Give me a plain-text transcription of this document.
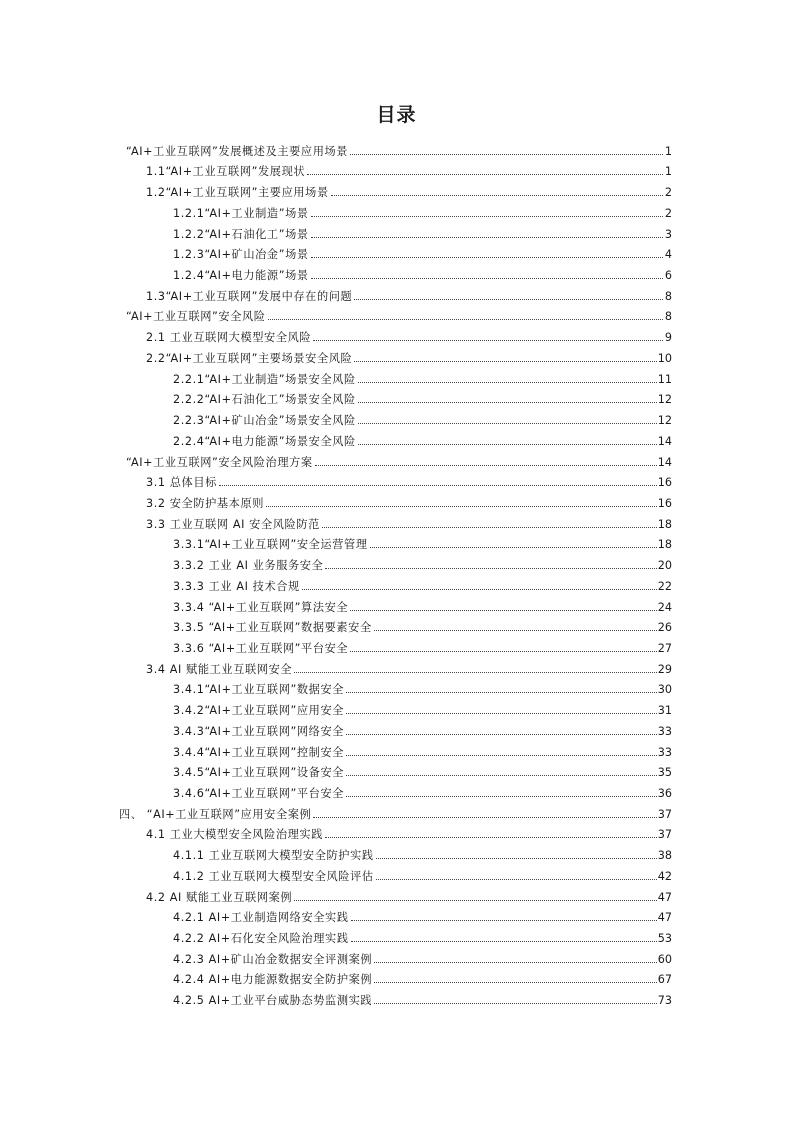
目录
“AI+工业互联网”发展概述及主要应用场景	1
1.1“AI+工业互联网”发展现状	1
1.2“AI+工业互联网”主要应用场景	2
1.2.1“AI+工业制造”场景	2
1.2.2“AI+石油化工”场景	3
1.2.3“AI+矿山冶金”场景	4
1.2.4“AI+电力能源”场景	6
1.3“AI+工业互联网”发展中存在的问题	8
“AI+工业互联网”安全风险	8
2.1 工业互联网大模型安全风险	9
2.2“AI+工业互联网”主要场景安全风险	10
2.2.1“AI+工业制造”场景安全风险	11
2.2.2“AI+石油化工”场景安全风险	12
2.2.3“AI+矿山冶金”场景安全风险	12
2.2.4“AI+电力能源”场景安全风险	14
“AI+工业互联网”安全风险治理方案	14
3.1 总体目标	16
3.2 安全防护基本原则	16
3.3 工业互联网 AI 安全风险防范	18
3.3.1“AI+工业互联网”安全运营管理	18
3.3.2 工业 AI 业务服务安全	20
3.3.3 工业 AI 技术合规	22
3.3.4 “AI+工业互联网”算法安全	24
3.3.5 “AI+工业互联网”数据要素安全	26
3.3.6 “AI+工业互联网”平台安全	27
3.4 AI 赋能工业互联网安全	29
3.4.1“AI+工业互联网”数据安全	30
3.4.2“AI+工业互联网”应用安全	31
3.4.3“AI+工业互联网”网络安全	33
3.4.4“AI+工业互联网”控制安全	33
3.4.5“AI+工业互联网”设备安全	35
3.4.6“AI+工业互联网”平台安全	36
四、 “AI+工业互联网”应用安全案例	37
4.1 工业大模型安全风险治理实践	37
4.1.1 工业互联网大模型安全防护实践	38
4.1.2 工业互联网大模型安全风险评估	42
4.2 AI 赋能工业互联网案例	47
4.2.1 AI+工业制造网络安全实践	47
4.2.2 AI+石化安全风险治理实践	53
4.2.3 AI+矿山冶金数据安全评测案例	60
4.2.4 AI+电力能源数据安全防护案例	67
4.2.5 AI+工业平台威胁态势监测实践	73
